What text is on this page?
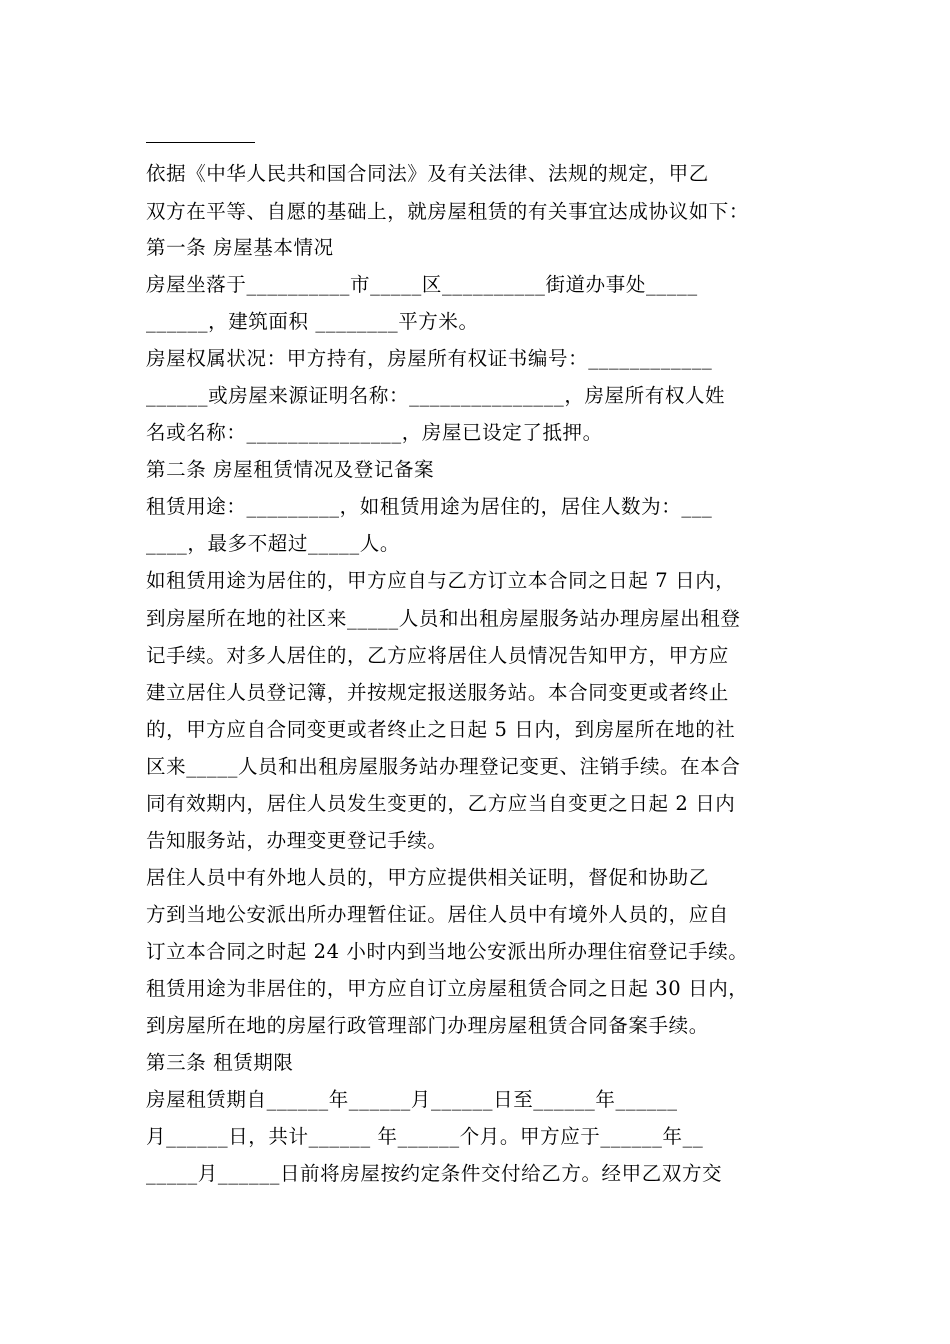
依据《中华人民共和国合同法》及有关法律、法规的规定，甲乙
双方在平等、自愿的基础上，就房屋租赁的有关事宜达成协议如下：
第一条 房屋基本情况
房屋坐落于__________市_____区__________街道办事处_____
______，建筑面积 ________平方米。
房屋权属状况：甲方持有，房屋所有权证书编号：____________
______或房屋来源证明名称：_______________，房屋所有权人姓
名或名称：_______________，房屋已设定了抵押。
第二条 房屋租赁情况及登记备案
租赁用途：_________，如租赁用途为居住的，居住人数为：___
____，最多不超过_____人。
如租赁用途为居住的，甲方应自与乙方订立本合同之日起 7 日内，
到房屋所在地的社区来_____人员和出租房屋服务站办理房屋出租登
记手续。对多人居住的，乙方应将居住人员情况告知甲方，甲方应
建立居住人员登记簿，并按规定报送服务站。本合同变更或者终止
的，甲方应自合同变更或者终止之日起 5 日内，到房屋所在地的社
区来_____人员和出租房屋服务站办理登记变更、注销手续。在本合
同有效期内，居住人员发生变更的，乙方应当自变更之日起 2 日内
告知服务站，办理变更登记手续。
居住人员中有外地人员的，甲方应提供相关证明，督促和协助乙
方到当地公安派出所办理暂住证。居住人员中有境外人员的，应自
订立本合同之时起 24 小时内到当地公安派出所办理住宿登记手续。
租赁用途为非居住的，甲方应自订立房屋租赁合同之日起 30 日内，
到房屋所在地的房屋行政管理部门办理房屋租赁合同备案手续。
第三条 租赁期限
房屋租赁期自______年______月______日至______年______
月______日，共计______ 年______个月。甲方应于______年__
_____月______日前将房屋按约定条件交付给乙方。经甲乙双方交
